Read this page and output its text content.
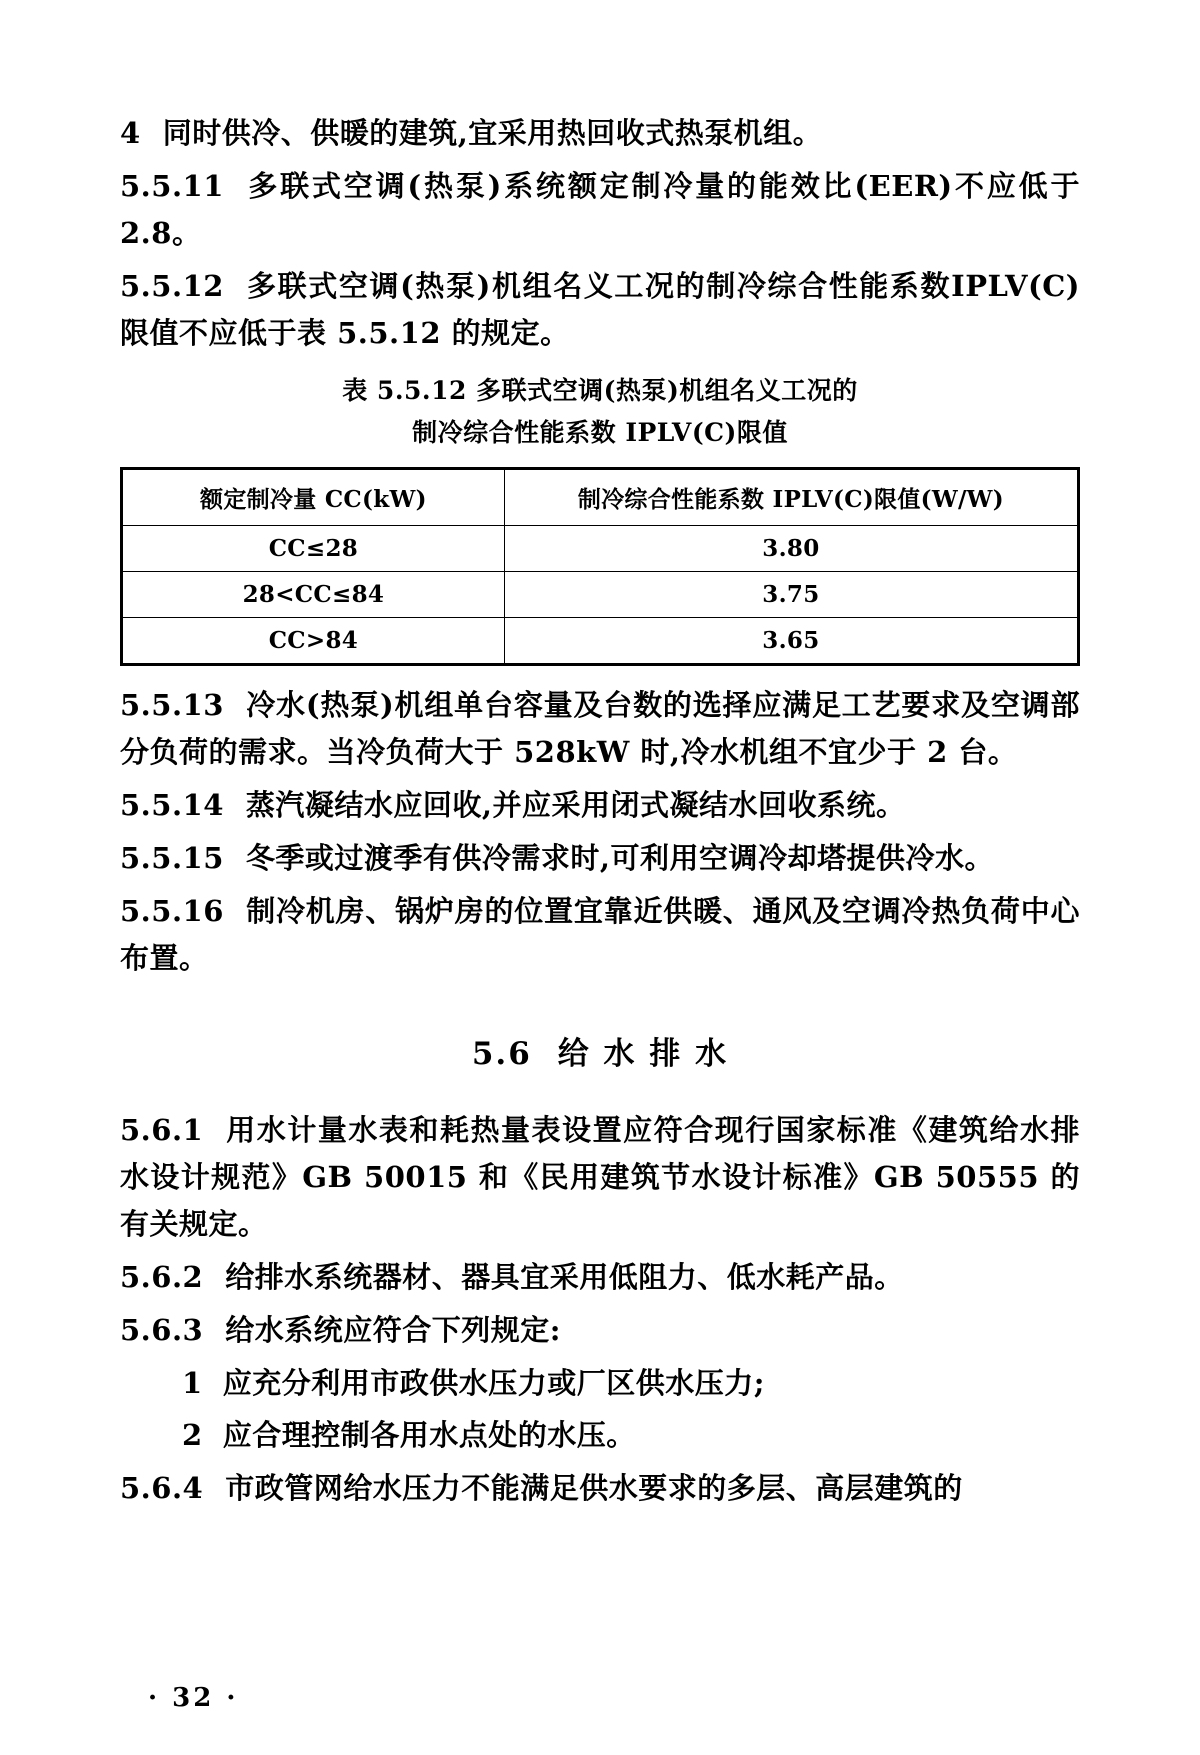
4 同时供冷、供暖的建筑,宜采用热回收式热泵机组。

5.5.11 多联式空调(热泵)系统额定制冷量的能效比(EER)不应低于2.8。

5.5.12 多联式空调(热泵)机组名义工况的制冷综合性能系数IPLV(C)限值不应低于表 5.5.12 的规定。

表 5.5.12 多联式空调(热泵)机组名义工况的
制冷综合性能系数 IPLV(C)限值
额定制冷量 CC(kW)	制冷综合性能系数 IPLV(C)限值(W/W)
CC≤28	3.80
28<CC≤84	3.75
CC>84	3.65

5.5.13 冷水(热泵)机组单台容量及台数的选择应满足工艺要求及空调部分负荷的需求。当冷负荷大于 528kW 时,冷水机组不宜少于 2 台。

5.5.14 蒸汽凝结水应回收,并应采用闭式凝结水回收系统。

5.5.15 冬季或过渡季有供冷需求时,可利用空调冷却塔提供冷水。

5.5.16 制冷机房、锅炉房的位置宜靠近供暖、通风及空调冷热负荷中心布置。

5.6 给 水 排 水

5.6.1 用水计量水表和耗热量表设置应符合现行国家标准《建筑给水排水设计规范》GB 50015 和《民用建筑节水设计标准》GB 50555 的有关规定。

5.6.2 给排水系统器材、器具宜采用低阻力、低水耗产品。

5.6.3 给水系统应符合下列规定:

1 应充分利用市政供水压力或厂区供水压力;

2 应合理控制各用水点处的水压。

5.6.4 市政管网给水压力不能满足供水要求的多层、高层建筑的

· 32 ·
